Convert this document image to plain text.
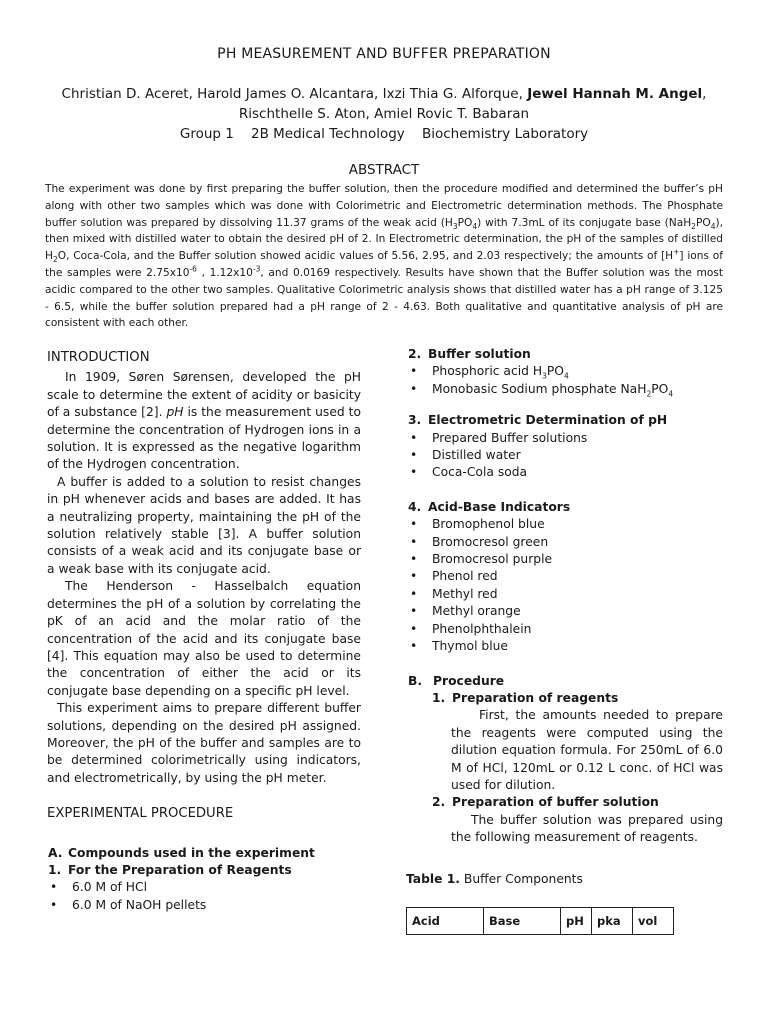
PH MEASUREMENT AND BUFFER PREPARATION
Christian D. Aceret, Harold James O. Alcantara, Ixzi Thia G. Alforque, Jewel Hannah M. Angel,
Rischthelle S. Aton, Amiel Rovic T. Babaran
Group 1    2B Medical Technology    Biochemistry Laboratory
ABSTRACT
The experiment was done by first preparing the buffer solution, then the procedure modified and determined the buffer’s pH along with other two samples which was done with Colorimetric and Electrometric determination methods. The Phosphate buffer solution was prepared by dissolving 11.37 grams of the weak acid $(H_3PO_4)$ with 7.3mL of its conjugate base $(NaH_2PO_4)$, then mixed with distilled water to obtain the desired pH of 2. In Electrometric determination, the pH of the samples of distilled $H_2O$, Coca-Cola, and the Buffer solution showed acidic values of 5.56, 2.95, and 2.03 respectively; the amounts of [H+] ions of the samples were $2.75x10^{-6}$ , $1.12x10^{-3}$, and 0.0169 respectively. Results have shown that the Buffer solution was the most acidic compared to the other two samples. Qualitative Colorimetric analysis shows that distilled water has a pH range of 3.125 - 6.5, while the buffer solution prepared had a pH range of 2 - 4.63. Both qualitative and quantitative analysis of pH are consistent with each other.
INTRODUCTION

In 1909, Søren Sørensen, developed the pH scale to determine the extent of acidity or basicity of a substance [2]. pH is the measurement used to determine the concentration of Hydrogen ions in a solution. It is expressed as the negative logarithm of the Hydrogen concentration.

A buffer is added to a solution to resist changes in pH whenever acids and bases are added. It has a neutralizing property, maintaining the pH of the solution relatively stable [3]. A buffer solution consists of a weak acid and its conjugate base or a weak base with its conjugate acid.

The Henderson - Hasselbalch equation determines the pH of a solution by correlating the pK of an acid and the molar ratio of the concentration of the acid and its conjugate base [4]. This equation may also be used to determine the concentration of either the acid or its conjugate base depending on a specific pH level.

This experiment aims to prepare different buffer solutions, depending on the desired pH assigned. Moreover, the pH of the buffer and samples are to be determined colorimetrically using indicators, and electrometrically, by using the pH meter.

EXPERIMENTAL PROCEDURE
A. Compounds used in the experiment
1. For the Preparation of Reagents
• 6.0 M of HCl
• 6.0 M of NaOH pellets
2. Buffer solution
• Phosphoric acid $H_3PO_4$
• Monobasic Sodium phosphate $NaH_2PO_4$
3. Electrometric Determination of pH
• Prepared Buffer solutions
• Distilled water
• Coca-Cola soda
4. Acid-Base Indicators
• Bromophenol blue
• Bromocresol green
• Bromocresol purple
• Phenol red
• Methyl red
• Methyl orange
• Phenolphthalein
• Thymol blue
B. Procedure
1. Preparation of reagents

First, the amounts needed to prepare the reagents were computed using the dilution equation formula. For 250mL of 6.0 M of HCl, 120mL or 0.12 L conc. of HCl was used for dilution.

2. Preparation of buffer solution

The buffer solution was prepared using the following measurement of reagents.

Table 1. Buffer Components
Acid	Base	pH	pka	vol
